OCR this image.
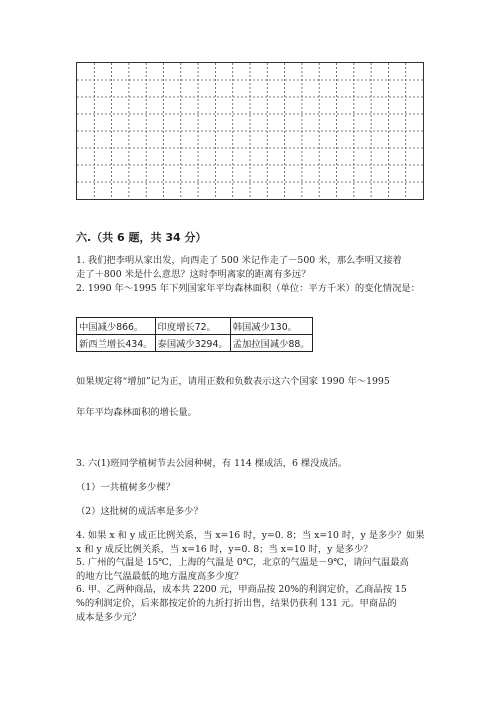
六.（共 6 题，共 34 分）
1. 我们把李明从家出发，向西走了 500 米记作走了－500 米，那么李明又接着
走了＋800 米是什么意思？这时李明离家的距离有多远？
2. 1990 年～1995 年下列国家年平均森林面积（单位：平方千米）的变化情况是：
中国减少866。	印度增长72。	韩国减少130。
新西兰增长434。	泰国减少3294。	孟加拉国减少88。
如果规定将“增加”记为正，请用正数和负数表示这六个国家 1990 年～1995
年年平均森林面积的增长量。
3. 六(1)班同学植树节去公园种树，有 114 棵成活，6 棵没成活。
（1）一共植树多少棵？
（2）这批树的成活率是多少？
4. 如果 x 和 y 成正比例关系，当 x=16 时，y=0. 8；当 x=10 时，y 是多少？如果
x 和 y 成反比例关系，当 x=16 时，y=0. 8；当 x=10 时，y 是多少？
5. 广州的气温是 15℃，上海的气温是 0℃，北京的气温是－9℃，请问气温最高
的地方比气温最低的地方温度高多少度？
6. 甲、乙两种商品，成本共 2200 元，甲商品按 20%的利润定价，乙商品按 15
%的利润定价，后来都按定价的九折打折出售，结果仍获利 131 元。甲商品的
成本是多少元？
